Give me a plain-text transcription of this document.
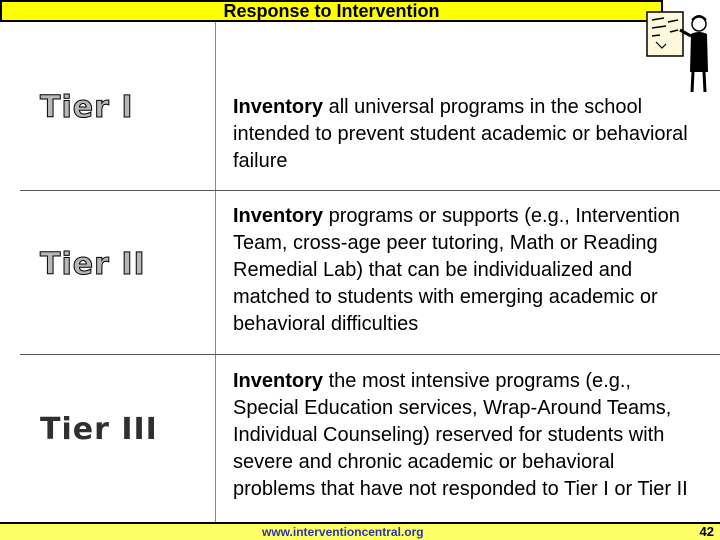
Response to Intervention
Tier I	Inventory all universal programs in the school intended to prevent student academic or behavioral failure
Tier II
Inventory programs or supports (e.g., Intervention Team, cross-age peer tutoring, Math or Reading Remedial Lab) that can be individualized and matched to students with emerging academic or behavioral difficulties
Tier III
Inventory the most intensive programs (e.g., Special Education services, Wrap-Around Teams, Individual Counseling) reserved for students with severe and chronic academic or behavioral problems that have not responded to Tier I or Tier II
www.interventioncentral.org	42
